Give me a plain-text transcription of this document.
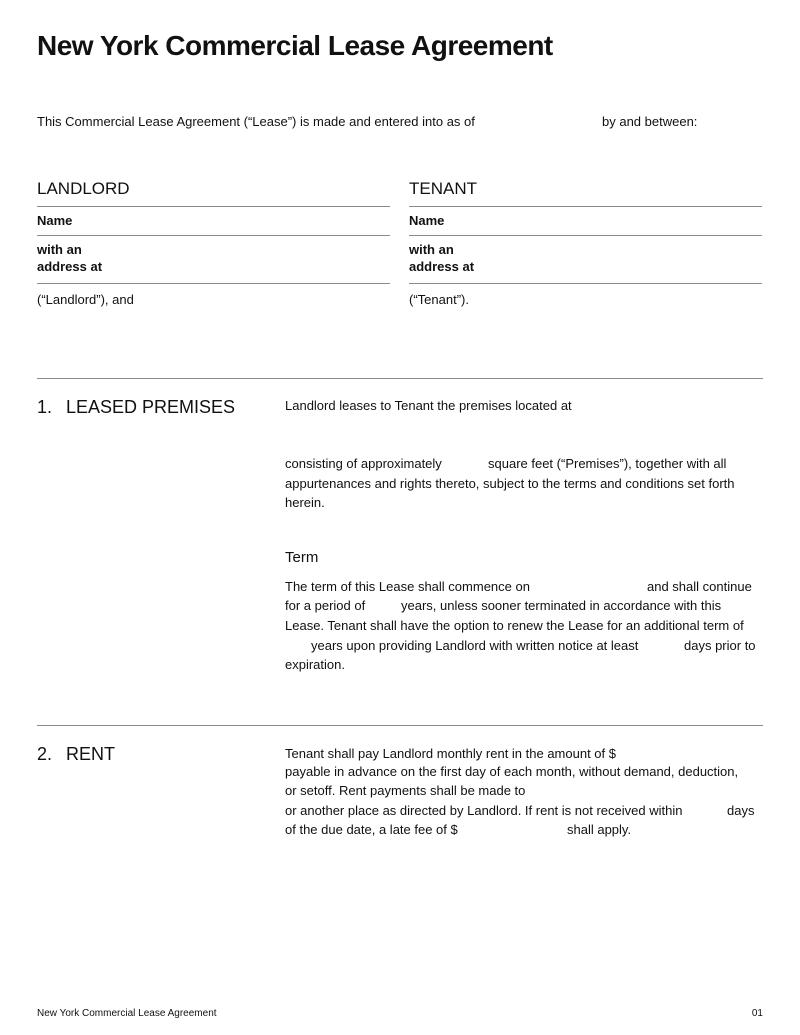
New York Commercial Lease Agreement
This Commercial Lease Agreement (“Lease”) is made and entered into as of	by and between:
LANDLORD
Name
with an
address at
(“Landlord”), and
TENANT
Name
with an
address at
(“Tenant”).
1. LEASED PREMISES	Landlord leases to Tenant the premises located at
consisting of approximately	square feet (“Premises”), together with all
appurtenances and rights thereto, subject to the terms and conditions set forth
herein.
Term
The term of this Lease shall commence on	and shall continue
for a period of	years, unless sooner terminated in accordance with this
Lease. Tenant shall have the option to renew the Lease for an additional term of
years upon providing Landlord with written notice at least	days prior to
expiration.
2. RENT	Tenant shall pay Landlord monthly rent in the amount of $
payable in advance on the first day of each month, without demand, deduction,
or setoff. Rent payments shall be made to
or another place as directed by Landlord. If rent is not received within	days
of the due date, a late fee of $	shall apply.
New York Commercial Lease Agreement	01
